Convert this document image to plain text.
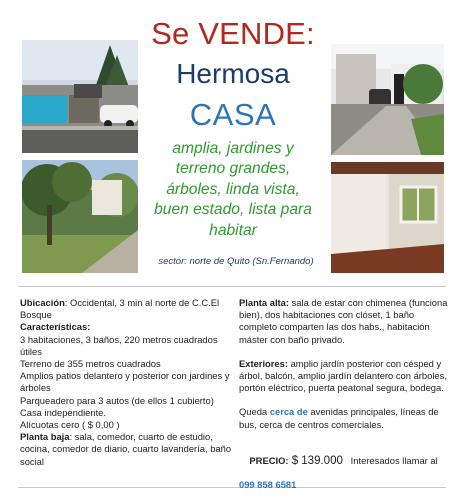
Se VENDE:
Hermosa
CASA
amplia, jardines y
terreno grandes,
árboles, linda vista,
buen estado, lista para
habitar
sector: norte de Quito (Sn.Fernando)

Ubicación: Occidental, 3 min al norte de C.C.El Bosque

Características:

3 habitaciones, 3 baños, 220 metros cuadrados útiles

Terreno de 355 metros cuadrados

Amplios patios delantero y posterior con jardines y árboles

Parqueadero para 3 autos (de ellos 1 cubierto)

Casa independiente.

Alícuotas cero ( $ 0,00 )

Planta baja: sala, comedor, cuarto de estudio, cocina, comedor de diario, cuarto lavandería, baño social

Planta alta: sala de estar con chimenea (funciona bien), dos habitaciones con clóset, 1 baño completo comparten las dos habs., habitación máster con baño privado.

Exteriores: amplio jardín posterior con césped y árbol, balcón, amplio jardín delantero con árboles, portón eléctrico, puerta peatonal segura, bodega.

Queda cerca de avenidas principales, líneas de bus, cerca de centros comerciales.

PRECIO: $ 139.000   Interesados llamar al

099 858 6581
